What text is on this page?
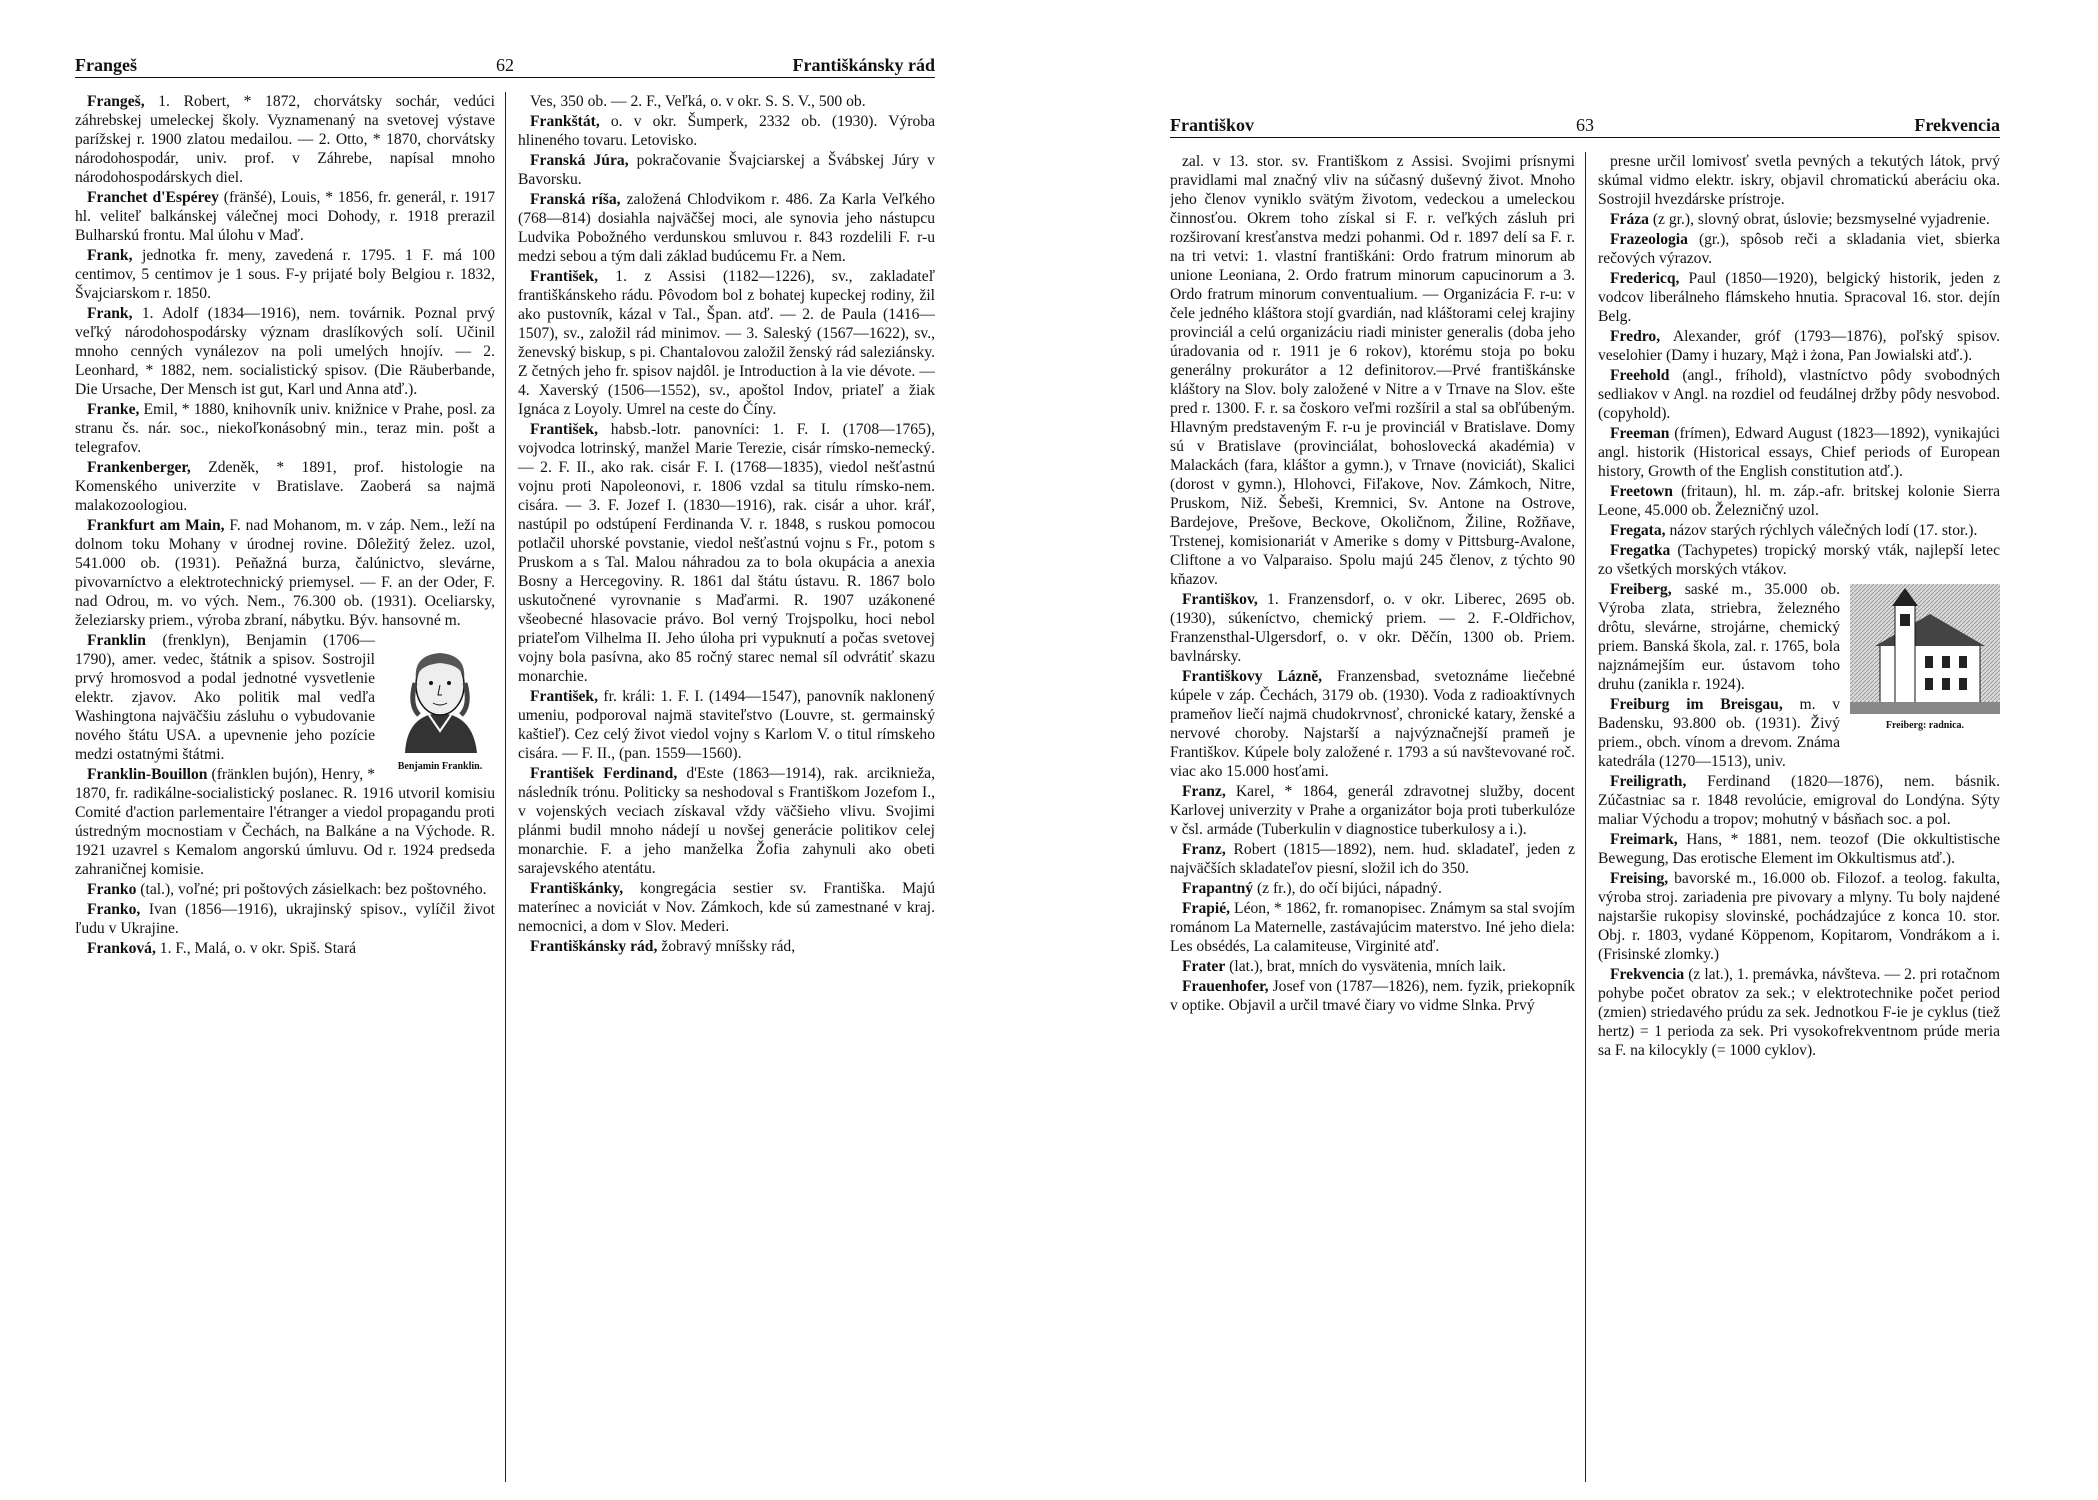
Frangeš	62	Františkánsky rád

Frangeš, 1. Robert, * 1872, chorvátsky sochár, vedúci záhrebskej umeleckej školy. Vyznamenaný na svetovej výstave parížskej r. 1900 zlatou medailou. — 2. Otto, * 1870, chorvátsky národohospodár, univ. prof. v Záhrebe, napísal mnoho národohospodárskych diel.

Franchet d'Espérey (fränšé), Louis, * 1856, fr. generál, r. 1917 hl. veliteľ balkánskej válečnej moci Dohody, r. 1918 prerazil Bulharskú frontu. Mal úlohu v Maď.

Frank, jednotka fr. meny, zavedená r. 1795. 1 F. má 100 centimov, 5 centimov je 1 sous. F-y prijaté boly Belgiou r. 1832, Švajciarskom r. 1850.

Frank, 1. Adolf (1834—1916), nem. továrnik. Poznal prvý veľký národohospodársky význam draslíkových solí. Učinil mnoho cenných vynálezov na poli umelých hnojív. — 2. Leonhard, * 1882, nem. socialistický spisov. (Die Räuberbande, Die Ursache, Der Mensch ist gut, Karl und Anna atď.).

Franke, Emil, * 1880, knihovník univ. knižnice v Prahe, posl. za stranu čs. nár. soc., niekoľkonásobný min., teraz min. pošt a telegrafov.

Frankenberger, Zdeněk, * 1891, prof. histologie na Komenského univerzite v Bratislave. Zaoberá sa najmä malakozoologiou.

Frankfurt am Main, F. nad Mohanom, m. v záp. Nem., leží na dolnom toku Mohany v úrodnej rovine. Dôležitý želez. uzol, 541.000 ob. (1931). Peňažná burza, čalúnictvo, slevárne, pivovarníctvo a elektrotechnický priemysel. — F. an der Oder, F. nad Odrou, m. vo vých. Nem., 76.300 ob. (1931). Oceliarsky, železiarsky priem., výroba zbraní, nábytku. Býv. hansovné m.

Benjamin Franklin.

Franklin (frenklyn), Benjamin (1706—1790), amer. vedec, štátnik a spisov. Sostrojil prvý hromosvod a podal jednotné vysvetlenie elektr. zjavov. Ako politik mal vedľa Washingtona najväčšiu zásluhu o vybudovanie nového štátu USA. a upevnenie jeho pozície medzi ostatnými štátmi.

Franklin-Bouillon (fränklen bujón), Henry, * 1870, fr. radikálne-socialistický poslanec. R. 1916 utvoril komisiu Comité d'action parlementaire l'étranger a viedol propagandu proti ústredným mocnostiam v Čechách, na Balkáne a na Východe. R. 1921 uzavrel s Kemalom angorskú úmluvu. Od r. 1924 predseda zahraničnej komisie.

Franko (tal.), voľné; pri poštových zásielkach: bez poštovného.

Franko, Ivan (1856—1916), ukrajinský spisov., vylíčil život ľudu v Ukrajine.

Franková, 1. F., Malá, o. v okr. Spiš. Stará

Ves, 350 ob. — 2. F., Veľká, o. v okr. S. S. V., 500 ob.

Frankštát, o. v okr. Šumperk, 2332 ob. (1930). Výroba hlineného tovaru. Letovisko.

Franská Júra, pokračovanie Švajciarskej a Švábskej Júry v Bavorsku.

Franská ríša, založená Chlodvikom r. 486. Za Karla Veľkého (768—814) dosiahla najväčšej moci, ale synovia jeho nástupcu Ludvika Pobožného verdunskou smluvou r. 843 rozdelili F. r-u medzi sebou a tým dali základ budúcemu Fr. a Nem.

František, 1. z Assisi (1182—1226), sv., zakladateľ františkánskeho rádu. Pôvodom bol z bohatej kupeckej rodiny, žil ako pustovník, kázal v Tal., Špan. atď. — 2. de Paula (1416—1507), sv., založil rád minimov. — 3. Saleský (1567—1622), sv., ženevský biskup, s pi. Chantalovou založil ženský rád saleziánsky. Z četných jeho fr. spisov najdôl. je Introduction à la vie dévote. — 4. Xaverský (1506—1552), sv., apoštol Indov, priateľ a žiak Ignáca z Loyoly. Umrel na ceste do Číny.

František, habsb.-lotr. panovníci: 1. F. I. (1708—1765), vojvodca lotrinský, manžel Marie Terezie, cisár rímsko-nemecký. — 2. F. II., ako rak. cisár F. I. (1768—1835), viedol nešťastnú vojnu proti Napoleonovi, r. 1806 vzdal sa titulu rímsko-nem. cisára. — 3. F. Jozef I. (1830—1916), rak. cisár a uhor. kráľ, nastúpil po odstúpení Ferdinanda V. r. 1848, s ruskou pomocou potlačil uhorské povstanie, viedol nešťastnú vojnu s Fr., potom s Pruskom a s Tal. Malou náhradou za to bola okupácia a anexia Bosny a Hercegoviny. R. 1861 dal štátu ústavu. R. 1867 bolo uskutočnené vyrovnanie s Maďarmi. R. 1907 uzákonené všeobecné hlasovacie právo. Bol verný Trojspolku, hoci nebol priateľom Vilhelma II. Jeho úloha pri vypuknutí a počas svetovej vojny bola pasívna, ako 85 ročný starec nemal síl odvrátiť skazu monarchie.

František, fr. králi: 1. F. I. (1494—1547), panovník naklonený umeniu, podporoval najmä staviteľstvo (Louvre, st. germainský kaštieľ). Cez celý život viedol vojny s Karlom V. o titul rímskeho cisára. — F. II., (pan. 1559—1560).

František Ferdinand, d'Este (1863—1914), rak. arcikniežа, následník trónu. Politicky sa neshodoval s Františkom Jozefom I., v vojenských veciach získaval vždy väčšieho vlivu. Svojimi plánmi budil mnoho nádejí u novšej generácie politikov celej monarchie. F. a jeho manželka Žofia zahynuli ako obeti sarajevského atentátu.

Františkánky, kongregácia sestier sv. Františka. Majú materínec a noviciát v Nov. Zámkoch, kde sú zamestnané v kraj. nemocnici, a dom v Slov. Mederi.

Františkánsky rád, žobravý mníšsky rád,

Františkov	63	Frekvencia

zal. v 13. stor. sv. Františkom z Assisi. Svojimi prísnymi pravidlami mal značný vliv na súčasný duševný život. Mnoho jeho členov vyniklo svätým životom, vedeckou a umeleckou činnosťou. Okrem toho získal si F. r. veľkých zásluh pri rozširovaní kresťanstva medzi pohanmi. Od r. 1897 delí sa F. r. na tri vetvi: 1. vlastní františkáni: Ordo fratrum minorum ab unione Leoniana, 2. Ordo fratrum minorum capucinorum a 3. Ordo fratrum minorum conventualium. — Organizácia F. r-u: v čele jedného kláštora stojí gvardián, nad kláštorami celej krajiny provinciál a celú organizáciu riadi minister generalis (doba jeho úradovania od r. 1911 je 6 rokov), ktorému stoja po boku generálny prokurátor a 12 definitorov.—Prvé františkánske kláštory na Slov. boly založené v Nitre a v Trnave na Slov. ešte pred r. 1300. F. r. sa čoskoro veľmi rozšíril a stal sa obľúbeným. Hlavným predstaveným F. r-u je provinciál v Bratislave. Domy sú v Bratislave (provinciálat, bohoslovecká akadémia) v Malackách (fara, kláštor a gymn.), v Trnave (noviciát), Skalici (dorost v gymn.), Hlohovci, Fiľakove, Nov. Zámkoch, Nitre, Pruskom, Niž. Šebeši, Kremnici, Sv. Antone na Ostrove, Bardejove, Prešove, Beckove, Okoličnom, Žiline, Rožňave, Trstenej, komisionariát v Amerike s domy v Pittsburg-Avalone, Cliftone a vo Valparaiso. Spolu majú 245 členov, z týchto 90 kňazov.

Františkov, 1. Franzensdorf, o. v okr. Liberec, 2695 ob. (1930), súkeníctvo, chemický priem. — 2. F.-Oldřichov, Franzensthal-Ulgersdorf, o. v okr. Děčín, 1300 ob. Priem. bavlnársky.

Františkovy Lázně, Franzensbad, svetoznáme liečebné kúpele v záp. Čechách, 3179 ob. (1930). Voda z radioaktívnych prameňov liečí najmä chudokrvnosť, chronické katary, ženské a nervové choroby. Najstarší a najvýznačnejší prameň je Františkov. Kúpele boly založené r. 1793 a sú navštevované roč. viac ako 15.000 hosťami.

Franz, Karel, * 1864, generál zdravotnej služby, docent Karlovej univerzity v Prahe a organizátor boja proti tuberkulóze v čsl. armáde (Tuberkulin v diagnostice tuberkulosy a i.).

Franz, Robert (1815—1892), nem. hud. skladateľ, jeden z najväčších skladateľov piesní, složil ich do 350.

Frapantný (z fr.), do očí bijúci, nápadný.

Frapié, Léon, * 1862, fr. romanopisec. Známym sa stal svojím románom La Maternelle, zastávajúcim materstvo. Iné jeho diela: Les obsédés, La calamiteuse, Virginité atď.

Frater (lat.), brat, mních do vysvätenia, mních laik.

Frauenhofer, Josef von (1787—1826), nem. fyzik, priekopník v optike. Objavil a určil tmavé čiary vo vidme Slnka. Prvý

presne určil lomivosť svetla pevných a tekutých látok, prvý skúmal vidmo elektr. iskry, objavil chromatickú aberáciu oka. Sostrojil hvezdárske prístroje.

Fráza (z gr.), slovný obrat, úslovie; bezsmyselné vyjadrenie.

Frazeologia (gr.), spôsob reči a skladania viet, sbierka rečových výrazov.

Fredericq, Paul (1850—1920), belgický historik, jeden z vodcov liberálneho flámskeho hnutia. Spracoval 16. stor. dejín Belg.

Fredro, Alexander, gróf (1793—1876), poľský spisov. veselohier (Damy i huzary, Mąż i żona, Pan Jowialski atď.).

Freehold (angl., fríhold), vlastníctvo pôdy svobodných sedliakov v Angl. na rozdiel od feudálnej držby pôdy nesvobod. (copyhold).

Freeman (frímen), Edward August (1823—1892), vynikajúci angl. historik (Historical essays, Chief periods of European history, Growth of the English constitution atď.).

Freetown (fritaun), hl. m. záp.-afr. britskej kolonie Sierra Leone, 45.000 ob. Železničný uzol.

Fregata, názov starých rýchlych válečných lodí (17. stor.).

Fregatka (Tachypetes) tropický morský vták, najlepší letec zo všetkých morských vtákov.

Freiberg: radnica.

Freiberg, saské m., 35.000 ob. Výroba zlata, striebra, železného drôtu, slevárne, strojárne, chemický priem. Banská škola, zal. r. 1765, bola najznámejším eur. ústavom toho druhu (zanikla r. 1924).

Freiburg im Breisgau, m. v Badensku, 93.800 ob. (1931). Živý priem., obch. vínom a drevom. Známa katedrála (1270—1513), univ.

Freiligrath, Ferdinand (1820—1876), nem. básnik. Zúčastniac sa r. 1848 revolúcie, emigroval do Londýna. Sýty maliar Východu a tropov; mohutný v básňach soc. a pol.

Freimark, Hans, * 1881, nem. teozof (Die okkultistische Bewegung, Das erotische Element im Okkultismus atď.).

Freising, bavorské m., 16.000 ob. Filozof. a teolog. fakulta, výroba stroj. zariadenia pre pivovary a mlyny. Tu boly najdené najstaršie rukopisy slovinské, pochádzajúce z konca 10. stor. Obj. r. 1803, vydané Köppenom, Kopitarom, Vondrákom a i. (Frisinské zlomky.)

Frekvencia (z lat.), 1. premávka, návšteva. — 2. pri rotačnom pohybe počet obratov za sek.; v elektrotechnike počet period (zmien) striedavého prúdu za sek. Jednotkou F-ie je cyklus (tiež hertz) = 1 perioda za sek. Pri vysokofrekventnom prúde meria sa F. na kilocykly (= 1000 cyklov).
